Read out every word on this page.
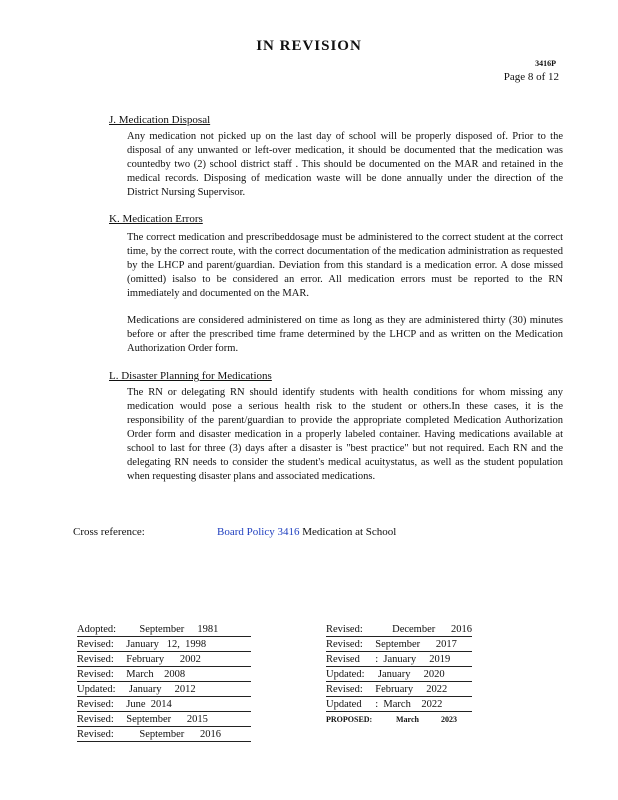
IN REVISION
3416P
Page 8 of 12
J. Medication Disposal
Any medication not picked up on the last day of school will be properly disposed of. Prior to the disposal of any unwanted or left-over medication, it should be documented that the medication was countedby two (2) school district staff . This should be documented on the MAR and retained in the medical records. Disposing of medication waste will be done annually under the direction of the District Nursing Supervisor.
K. Medication Errors
The correct medication and prescribeddosage must be administered to the correct student at the correct time, by the correct route, with the correct documentation of the medication administration as requested by the LHCP and parent/guardian. Deviation from this standard is a medication error. A dose missed (omitted) isalso to be considered an error. All medication errors must be reported to the RN immediately and documented on the MAR.
Medications are considered administered on time as long as they are administered thirty (30) minutes before or after the prescribed time frame determined by the LHCP and as written on the Medication Authorization Order form.
L. Disaster Planning for Medications
The RN or delegating RN should identify students with health conditions for whom missing any medication would pose a serious health risk to the student or others.In these cases, it is the responsibility of the parent/guardian to provide the appropriate completed Medication Authorization Order form and disaster medication in a properly labeled container. Having medications available at school to last for three (3) days after a disaster is "best practice" but not required. Each RN and the delegating RN needs to consider the student's medical acuitystatus, as well as the student population when requesting disaster plans and associated medications.
Cross reference:	Board Policy 3416 Medication at School
Adopted: September     1981
Revised: January   12,  1998
Revised: February      2002
Revised: March    2008
Updated: January     2012
Revised: June  2014
Revised: September      2015
Revised: September      2016
Revised: December      2016
Revised: September      2017
Revised :  January     2019
Updated: January     2020
Revised: February     2022
Updated :  March    2022
PROPOSED:
March           2023
